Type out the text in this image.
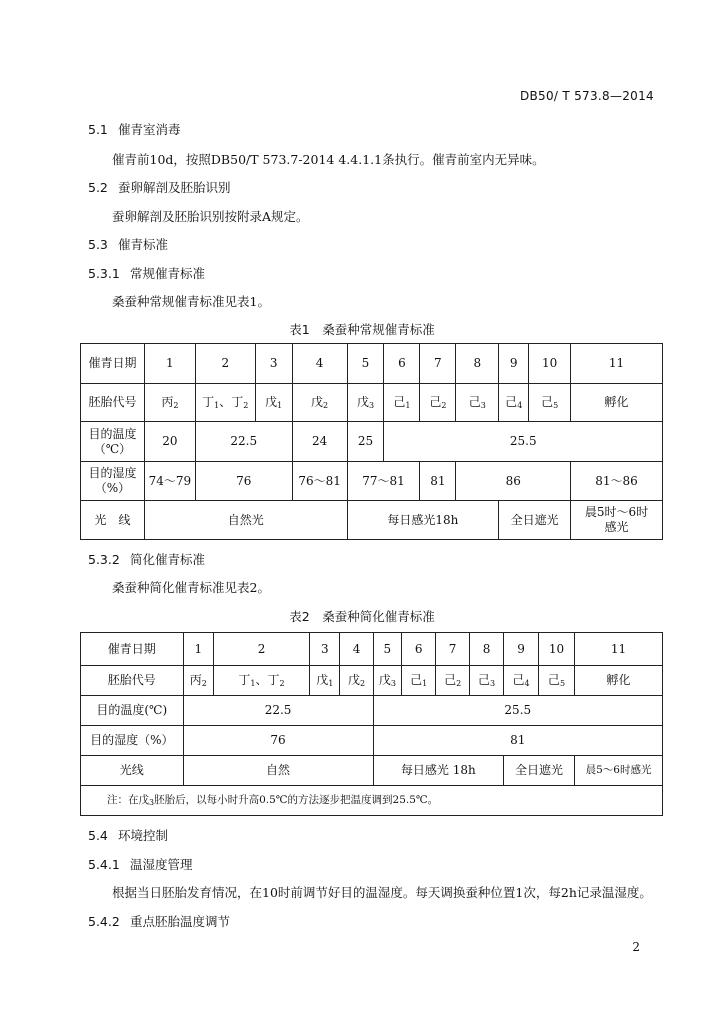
DB50/ T 573.8—2014
5.1 催青室消毒
催青前10d，按照DB50/T 573.7-2014 4.4.1.1条执行。催青前室内无异味。
5.2 蚕卵解剖及胚胎识别
蚕卵解剖及胚胎识别按附录A规定。
5.3 催青标准
5.3.1 常规催青标准
桑蚕种常规催青标准见表1。
表1　桑蚕种常规催青标准
催青日期	1	2	3	4	5	6	7	8	9	10	11
胚胎代号	丙$_2$	丁$_1$、丁$_2$	戊$_1$	戊$_2$	戊$_3$	己$_1$	己$_2$	己$_3$	己$_4$	己$_5$	孵化

目的温度
（℃）	20	22.5		24	25	25.5					

目的湿度
（%）	74～79	76		76～81	77～81		81	86			81～86
光　线	自然光				每日感光18h				全日遮光		晨5时～6时
感光
5.3.2 简化催青标准
桑蚕种简化催青标准见表2。
表2　桑蚕种简化催青标准
催青日期	1	2	3	4	5	6	7	8	9	10	11
胚胎代号	丙$_2$	丁$_1$、丁$_2$	戊$_1$	戊$_2$	戊$_3$	己$_1$	己$_2$	己$_3$	己$_4$	己$_5$	孵化
目的温度(℃)	22.5				25.5						
目的湿度（%）	76				81						
光线	自然				每日感光 18h				全日遮光		晨5～6时感光
注：在戊$_3$胚胎后，以每小时升高0.5℃的方法逐步把温度调到25.5℃。											
5.4 环境控制
5.4.1 温湿度管理
根据当日胚胎发育情况，在10时前调节好目的温湿度。每天调换蚕种位置1次，每2h记录温湿度。
5.4.2 重点胚胎温度调节
2
